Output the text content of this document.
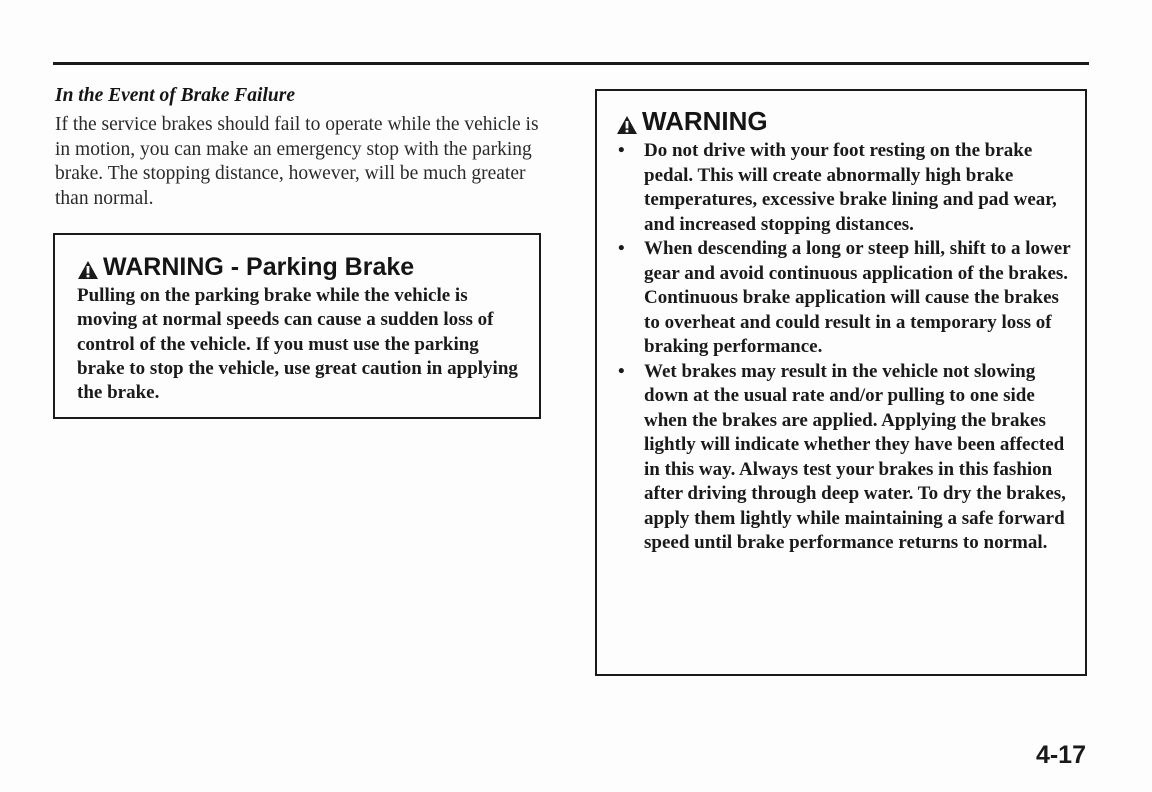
In the Event of Brake Failure

If the service brakes should fail to operate while the vehicle is in motion, you can make an emergency stop with the parking brake. The stopping distance, however, will be much greater than normal.

WARNING - Parking Brake

Pulling on the parking brake while the vehicle is moving at normal speeds can cause a sudden loss of control of the vehicle. If you must use the parking brake to stop the vehicle, use great caution in applying the brake.

WARNING
• Do not drive with your foot resting on the brake pedal. This will create abnormally high brake temperatures, excessive brake lining and pad wear, and increased stopping distances.
• When descending a long or steep hill, shift to a lower gear and avoid continuous application of the brakes. Continuous brake application will cause the brakes to overheat and could result in a temporary loss of braking performance.
• Wet brakes may result in the vehicle not slowing down at the usual rate and/or pulling to one side when the brakes are applied. Applying the brakes lightly will indicate whether they have been affected in this way. Always test your brakes in this fashion after driving through deep water. To dry the brakes, apply them lightly while maintaining a safe forward speed until brake performance returns to normal.
4-17
